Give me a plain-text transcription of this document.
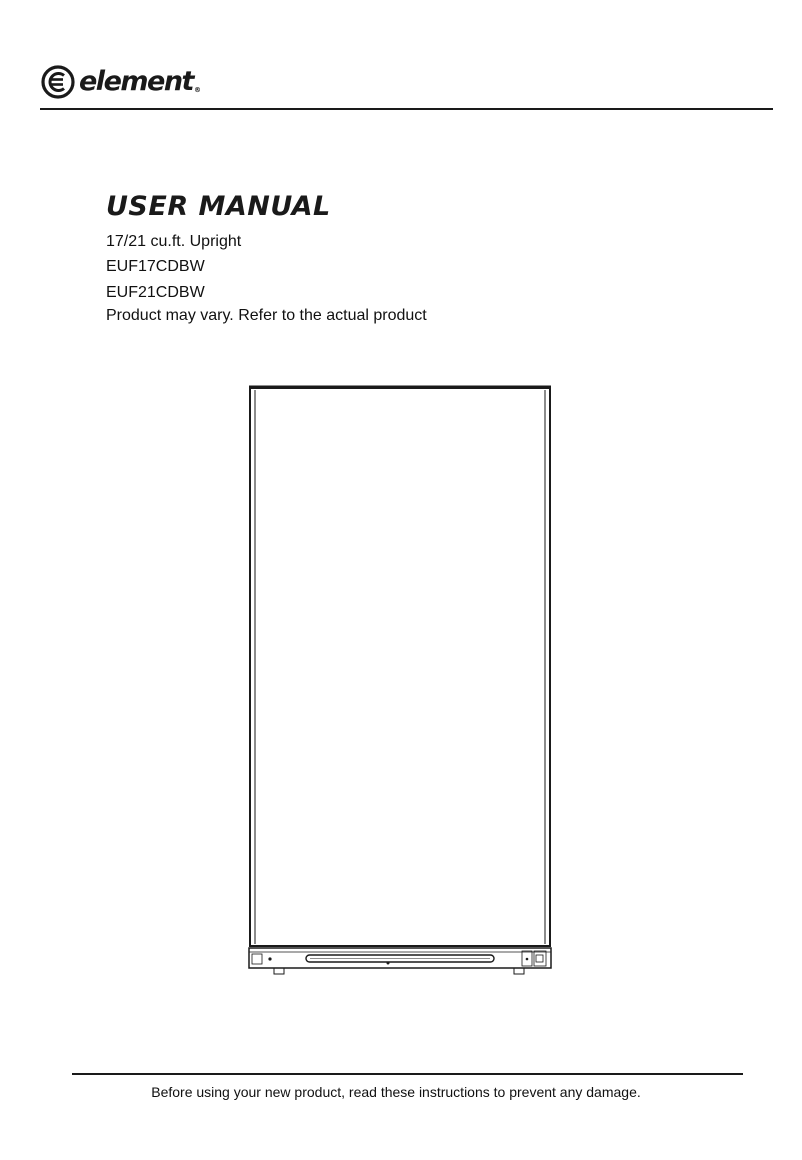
element®
USER MANUAL
17/21 cu.ft. Upright
EUF17CDBW
EUF21CDBW
Product may vary. Refer to the actual product
Before using your new product, read these instructions to prevent any damage.
